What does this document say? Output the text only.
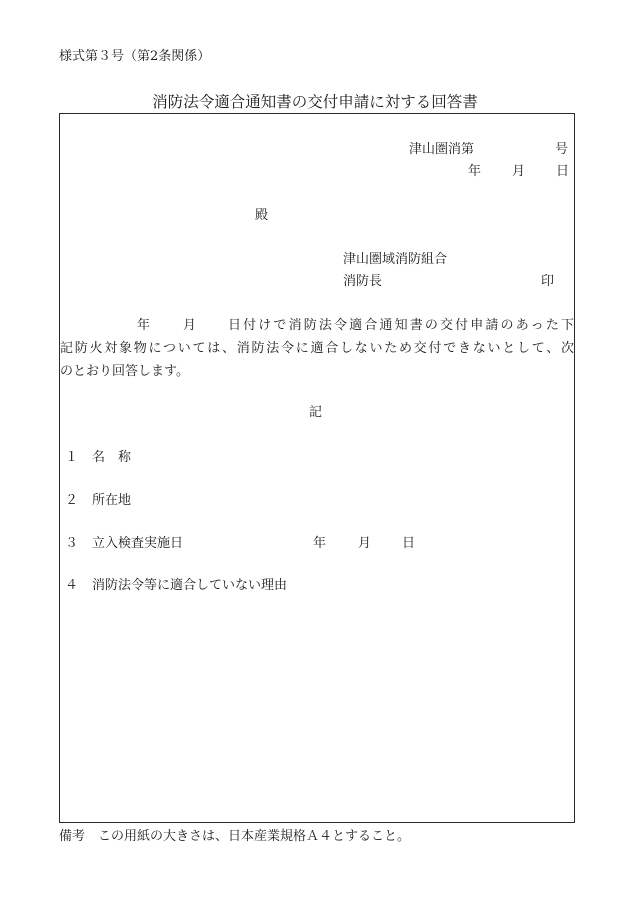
様式第３号（第2条関係）
消防法令適合通知書の交付申請に対する回答書
津山圏消第	号
年 月 日
殿
津山圏域消防組合
消防長	印
年	月 日付けで消防法令適合通知書の交付申請のあった下
記防火対象物については、消防法令に適合しないため交付できないとして、次
のとおり回答します。
記
１ 名　称
２ 所在地
３ 立入検査実施日	年 月 日
４ 消防法令等に適合していない理由
備考　この用紙の大きさは、日本産業規格Ａ４とすること。
